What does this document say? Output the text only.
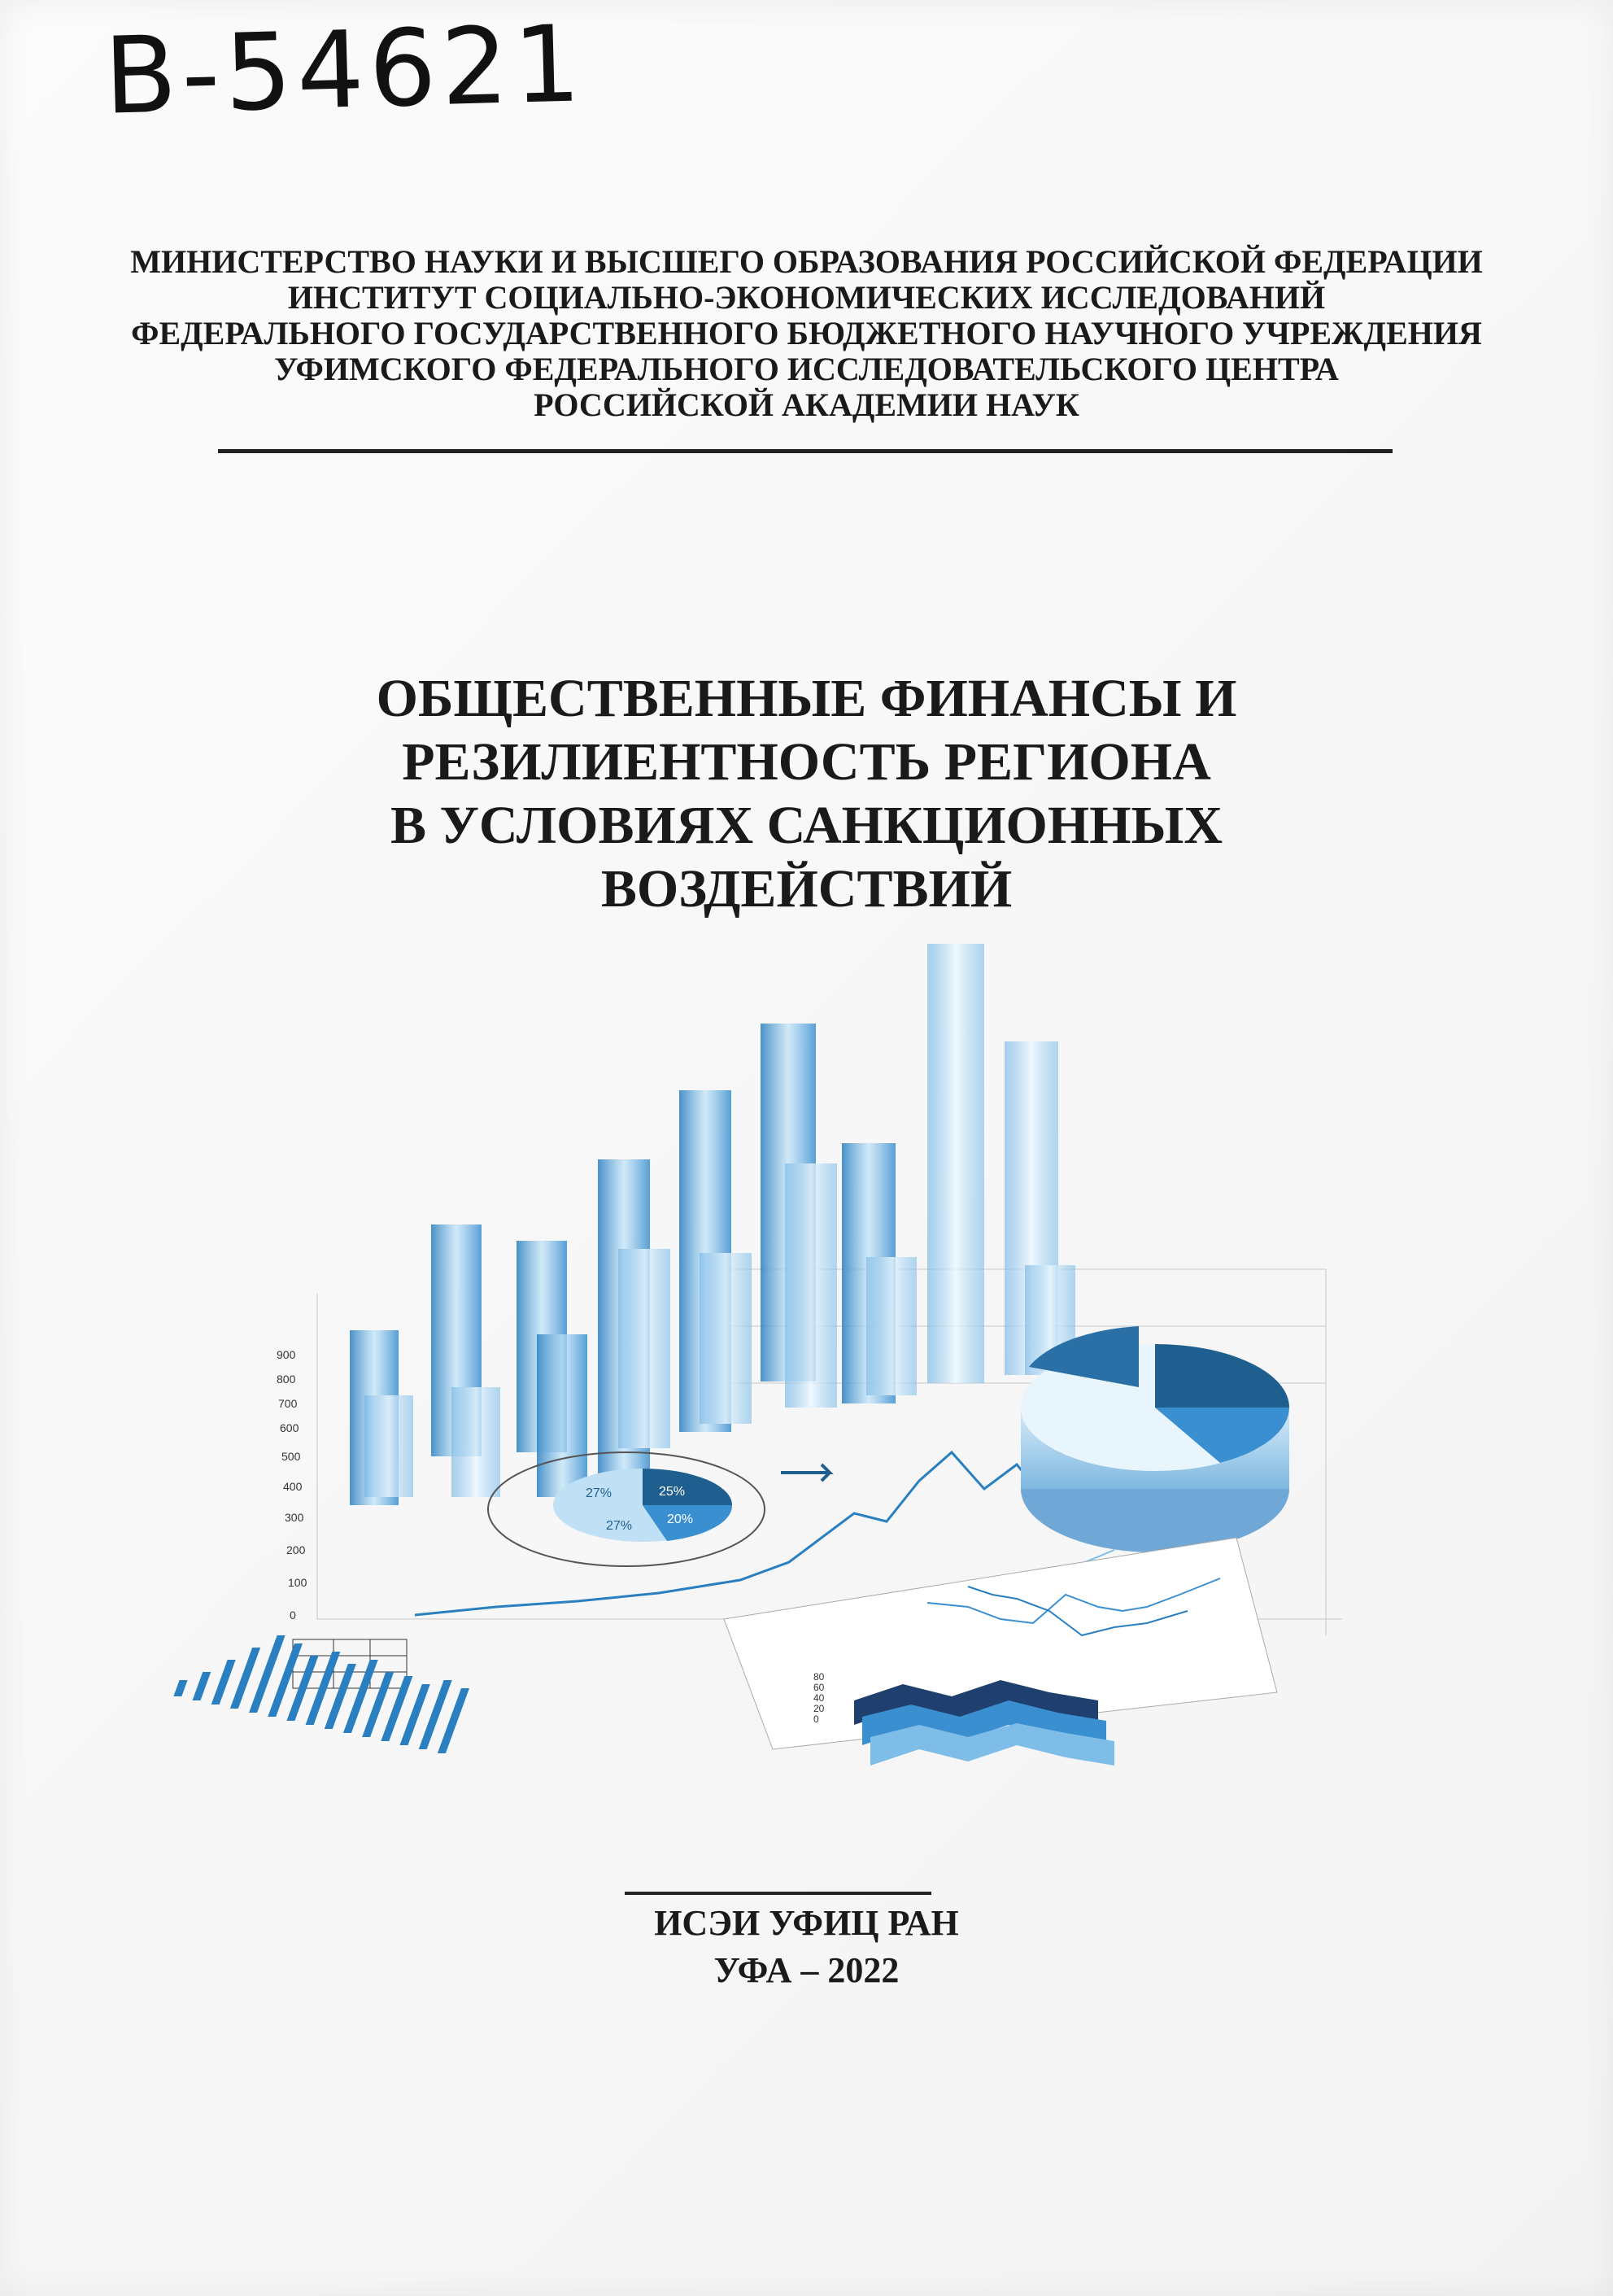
B-54621
МИНИСТЕРСТВО НАУКИ И ВЫСШЕГО ОБРАЗОВАНИЯ РОССИЙСКОЙ ФЕДЕРАЦИИ
ИНСТИТУТ СОЦИАЛЬНО-ЭКОНОМИЧЕСКИХ ИССЛЕДОВАНИЙ
ФЕДЕРАЛЬНОГО ГОСУДАРСТВЕННОГО БЮДЖЕТНОГО НАУЧНОГО УЧРЕЖДЕНИЯ
УФИМСКОГО ФЕДЕРАЛЬНОГО ИССЛЕДОВАТЕЛЬСКОГО ЦЕНТРА
РОССИЙСКОЙ АКАДЕМИИ НАУК
ОБЩЕСТВЕННЫЕ ФИНАНСЫ И
РЕЗИЛИЕНТНОСТЬ РЕГИОНА
В УСЛОВИЯХ САНКЦИОННЫХ
ВОЗДЕЙСТВИЙ
900
800
700
600
500
400
300
200
100
0
25%
27%
27%	20%
80
60
40
20
0
ИСЭИ УФИЦ РАН
УФА – 2022
